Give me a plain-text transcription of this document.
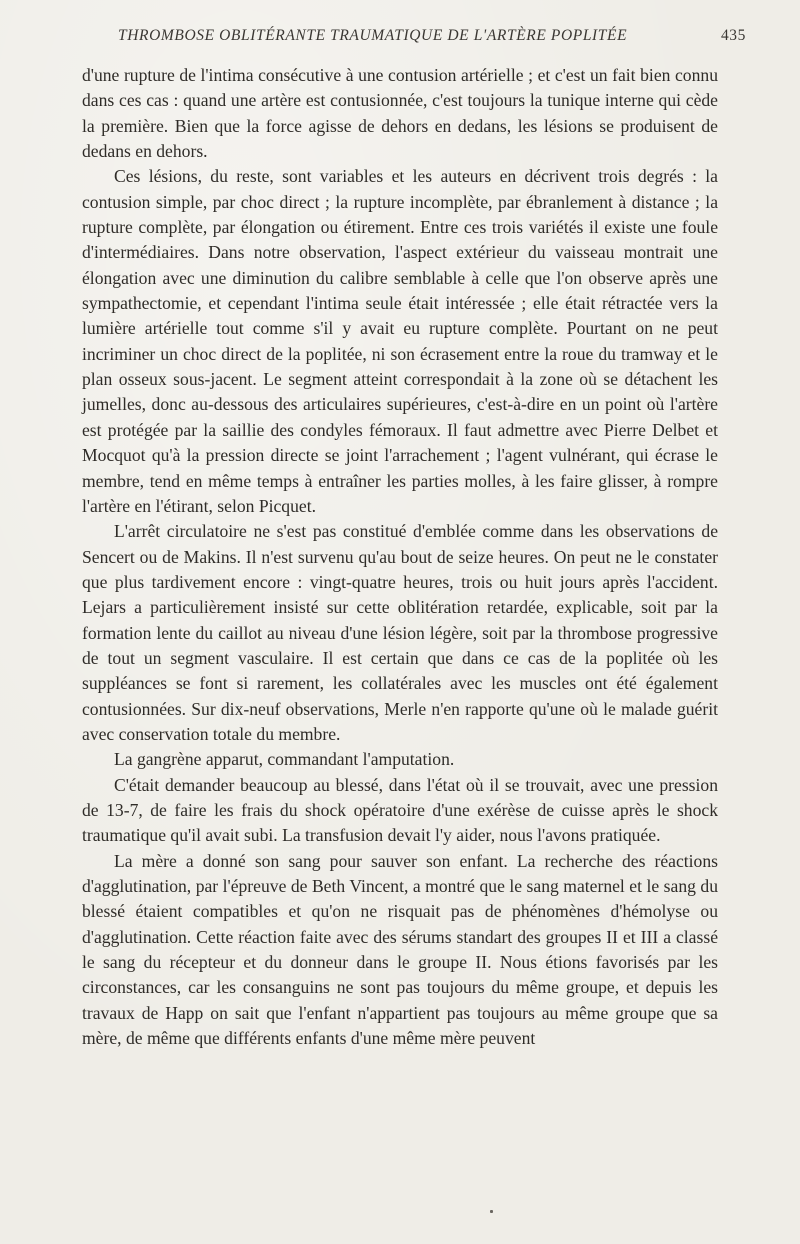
THROMBOSE OBLITÉRANTE TRAUMATIQUE DE L'ARTÈRE POPLITÉE	435

d'une rupture de l'intima consécutive à une contusion artérielle ; et c'est un fait bien connu dans ces cas : quand une artère est contusionnée, c'est toujours la tunique interne qui cède la première. Bien que la force agisse de dehors en dedans, les lésions se produisent de dedans en dehors.

Ces lésions, du reste, sont variables et les auteurs en décrivent trois degrés : la contusion simple, par choc direct ; la rupture incomplète, par ébranlement à distance ; la rupture complète, par élongation ou étirement. Entre ces trois variétés il existe une foule d'intermédiaires. Dans notre observation, l'aspect extérieur du vaisseau montrait une élongation avec une diminution du calibre semblable à celle que l'on observe après une sympathectomie, et cependant l'intima seule était intéressée ; elle était rétractée vers la lumière artérielle tout comme s'il y avait eu rupture complète. Pourtant on ne peut incriminer un choc direct de la poplitée, ni son écrasement entre la roue du tramway et le plan osseux sous-jacent. Le segment atteint correspondait à la zone où se détachent les jumelles, donc au-dessous des articulaires supérieures, c'est-à-dire en un point où l'artère est protégée par la saillie des condyles fémoraux. Il faut admettre avec Pierre Delbet et Mocquot qu'à la pression directe se joint l'arrachement ; l'agent vulnérant, qui écrase le membre, tend en même temps à entraîner les parties molles, à les faire glisser, à rompre l'artère en l'étirant, selon Picquet.

L'arrêt circulatoire ne s'est pas constitué d'emblée comme dans les observations de Sencert ou de Makins. Il n'est survenu qu'au bout de seize heures. On peut ne le constater que plus tardivement encore : vingt-quatre heures, trois ou huit jours après l'accident. Lejars a particulièrement insisté sur cette oblitération retardée, explicable, soit par la formation lente du caillot au niveau d'une lésion légère, soit par la thrombose progressive de tout un segment vasculaire. Il est certain que dans ce cas de la poplitée où les suppléances se font si rarement, les collatérales avec les muscles ont été également contusionnées. Sur dix-neuf observations, Merle n'en rapporte qu'une où le malade guérit avec conservation totale du membre.

La gangrène apparut, commandant l'amputation.

C'était demander beaucoup au blessé, dans l'état où il se trouvait, avec une pression de 13-7, de faire les frais du shock opératoire d'une exérèse de cuisse après le shock traumatique qu'il avait subi. La transfusion devait l'y aider, nous l'avons pratiquée.

La mère a donné son sang pour sauver son enfant. La recherche des réactions d'agglutination, par l'épreuve de Beth Vincent, a montré que le sang maternel et le sang du blessé étaient compatibles et qu'on ne risquait pas de phénomènes d'hémolyse ou d'agglutination. Cette réaction faite avec des sérums standart des groupes II et III a classé le sang du récepteur et du donneur dans le groupe II. Nous étions favorisés par les circonstances, car les consanguins ne sont pas toujours du même groupe, et depuis les travaux de Happ on sait que l'enfant n'appartient pas toujours au même groupe que sa mère, de même que différents enfants d'une même mère peuvent
